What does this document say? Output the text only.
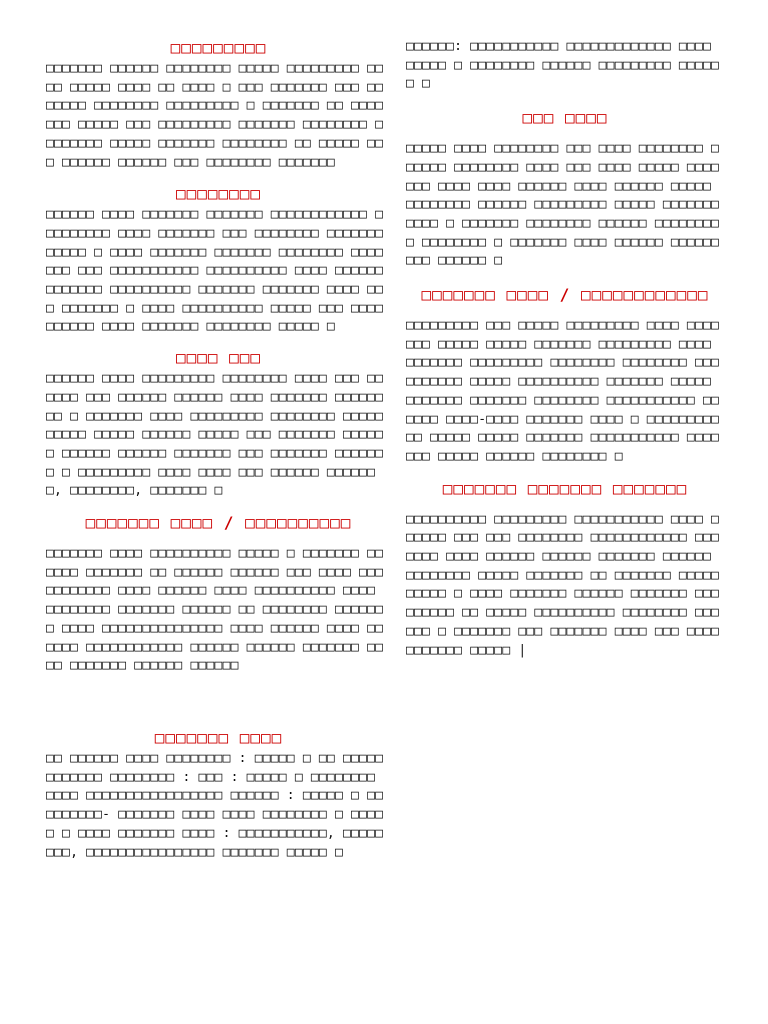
□□□□□□□□□

□□□□□□□ □□□□□□ □□□□□□□□ □□□□□ □□□□□□□□□ □□□□ □□□□□ □□□□ □□ □□□□ □ □□□ □□□□□□□ □□□ □□□□□□□ □□□□□□□□ □□□□□□□□□ □ □□□□□□□ □□ □□□□□□□ □□□□□ □□□ □□□□□□□□□ □□□□□□□ □□□□□□□□ □□□□□□□□ □□□□□ □□□□□□□ □□□□□□□□ □□ □□□□□ □□□ □□□□□□ □□□□□□ □□□ □□□□□□□□ □□□□□□□

□□□□□□□□

□□□□□□ □□□□ □□□□□□□ □□□□□□□ □□□□□□□□□□□□ □□□□□□□□□ □□□□ □□□□□□□ □□□ □□□□□□□□ □□□□□□□ □□□□□ □ □□□□ □□□□□□□ □□□□□□□ □□□□□□□□ □□□□□□□ □□□ □□□□□□□□□□□ □□□□□□□□□□ □□□□ □□□□□□ □□□□□□□ □□□□□□□□□□ □□□□□□□ □□□□□□□ □□□□ □□□ □□□□□□□ □ □□□□ □□□□□□□□□□ □□□□□ □□□ □□□□□□□□□□ □□□□ □□□□□□□ □□□□□□□□ □□□□□ □

□□□□ □□□

□□□□□□ □□□□ □□□□□□□□□ □□□□□□□□ □□□□ □□□ □□□□□□ □□□ □□□□□□ □□□□□□ □□□□ □□□□□□□ □□□□□□□□ □ □□□□□□□ □□□□ □□□□□□□□□ □□□□□□□□ □□□□□□□□□□ □□□□□ □□□□□□ □□□□□ □□□ □□□□□□□ □□□□□□ □□□□□□ □□□□□□ □□□□□□□ □□□ □□□□□□□ □□□□□□□ □ □□□□□□□□□ □□□□ □□□□ □□□ □□□□□□ □□□□□□□, □□□□□□□□, □□□□□□□ □

□□□□□□□ □□□□ / □□□□□□□□□□

□□□□□□□ □□□□ □□□□□□□□□□ □□□□□ □ □□□□□□□ □□□□□□ □□□□□□□ □□ □□□□□□ □□□□□□ □□□ □□□□ □□□□□□□□□□□ □□□□ □□□□□□ □□□□ □□□□□□□□□□ □□□□ □□□□□□□□ □□□□□□□ □□□□□□ □□ □□□□□□□□ □□□□□□□ □□□□ □□□□□□□□□□□□□□□ □□□□ □□□□□□ □□□□ □□□□□□ □□□□□□□□□□□□ □□□□□□ □□□□□□ □□□□□□□ □□□□ □□□□□□□ □□□□□□ □□□□□□

□□□□□□□ □□□□

□□ □□□□□□ □□□□ □□□□□□□□ : □□□□□ □ □□ □□□□□□□□□□□□ □□□□□□□□ : □□□ : □□□□□ □ □□□□□□□□ □□□□ □□□□□□□□□□□□□□□□□ □□□□□□ : □□□□□ □ □□ □□□□□□□- □□□□□□□ □□□□ □□□□ □□□□□□□□ □ □□□□□ □ □□□□ □□□□□□□ □□□□ : □□□□□□□□□□□, □□□□□□□□, □□□□□□□□□□□□□□□□ □□□□□□□ □□□□□ □

□□□□□□: □□□□□□□□□□□ □□□□□□□□□□□□□ □□□□ □□□□□ □ □□□□□□□□ □□□□□□ □□□□□□□□□ □□□□□□ □

□□□ □□□□

□□□□□ □□□□ □□□□□□□□ □□□ □□□□ □□□□□□□□ □□□□□□ □□□□□□□□ □□□□ □□□ □□□□ □□□□□ □□□□□□□ □□□□ □□□□ □□□□□□ □□□□ □□□□□□ □□□□□ □□□□□□□□ □□□□□□ □□□□□□□□□ □□□□□ □□□□□□□ □□□□ □ □□□□□□□ □□□□□□□□ □□□□□□ □□□□□□□□ □ □□□□□□□□ □ □□□□□□□ □□□□ □□□□□□ □□□□□□□□□ □□□□□□ □

□□□□□□□ □□□□ / □□□□□□□□□□□□

□□□□□□□□□ □□□ □□□□□ □□□□□□□□□ □□□□ □□□□□□□ □□□□□ □□□□□ □□□□□□□ □□□□□□□□□ □□□□ □□□□□□□ □□□□□□□□□ □□□□□□□□ □□□□□□□□ □□□□□□□□□□ □□□□□ □□□□□□□□□□ □□□□□□□ □□□□□ □□□□□□□ □□□□□□□ □□□□□□□□ □□□□□□□□□□□ □□□□□□ □□□□-□□□□ □□□□□□□ □□□□ □ □□□□□□□□□□□ □□□□□ □□□□□ □□□□□□□ □□□□□□□□□□□ □□□□□□□ □□□□□ □□□□□□ □□□□□□□□ □

□□□□□□□ □□□□□□□ □□□□□□□

□□□□□□□□□□ □□□□□□□□□ □□□□□□□□□□□ □□□□ □□□□□□ □□□ □□□ □□□□□□□□ □□□□□□□□□□□□ □□□□□□□ □□□□ □□□□□□ □□□□□□ □□□□□□□ □□□□□□ □□□□□□□□ □□□□□ □□□□□□□ □□ □□□□□□□ □□□□□ □□□□□ □ □□□□ □□□□□□□ □□□□□□ □□□□□□□ □□□□□□□□□ □□ □□□□□ □□□□□□□□□□ □□□□□□□□ □□□□□□ □ □□□□□□□ □□□ □□□□□□□ □□□□ □□□ □□□□ □□□□□□□ □□□□□ |
